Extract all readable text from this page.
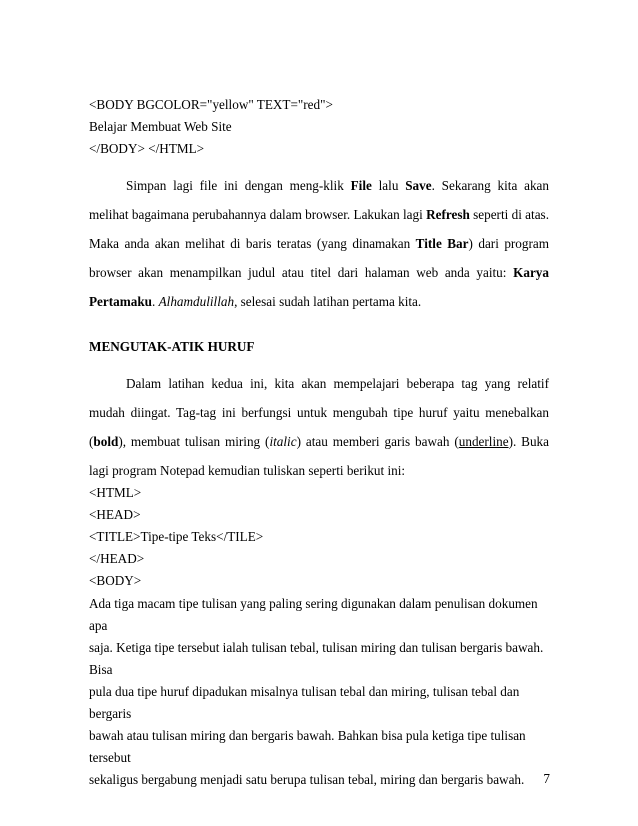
<BODY BGCOLOR="yellow" TEXT="red">
Belajar Membuat Web Site
</BODY> </HTML>

Simpan lagi file ini dengan meng-klik File lalu Save. Sekarang kita akan melihat bagaimana perubahannya dalam browser. Lakukan lagi Refresh seperti di atas. Maka anda akan melihat di baris teratas (yang dinamakan Title Bar) dari program browser akan menampilkan judul atau titel dari halaman web anda yaitu: Karya Pertamaku. Alhamdulillah, selesai sudah latihan pertama kita.

MENGUTAK-ATIK HURUF

Dalam latihan kedua ini, kita akan mempelajari beberapa tag yang relatif mudah diingat. Tag-tag ini berfungsi untuk mengubah tipe huruf yaitu menebalkan (bold), membuat tulisan miring (italic) atau memberi garis bawah (underline). Buka lagi program Notepad kemudian tuliskan seperti berikut ini:

<HTML>
<HEAD>
<TITLE>Tipe-tipe Teks</TILE>
</HEAD>
<BODY>

Ada tiga macam tipe tulisan yang paling sering digunakan dalam penulisan dokumen apa

saja. Ketiga tipe tersebut ialah tulisan tebal, tulisan miring dan tulisan bergaris bawah. Bisa

pula dua tipe huruf dipadukan misalnya tulisan tebal dan miring, tulisan tebal dan bergaris

bawah atau tulisan miring dan bergaris bawah. Bahkan bisa pula ketiga tipe tulisan tersebut

sekaligus bergabung menjadi satu berupa tulisan tebal, miring dan bergaris bawah.	7
